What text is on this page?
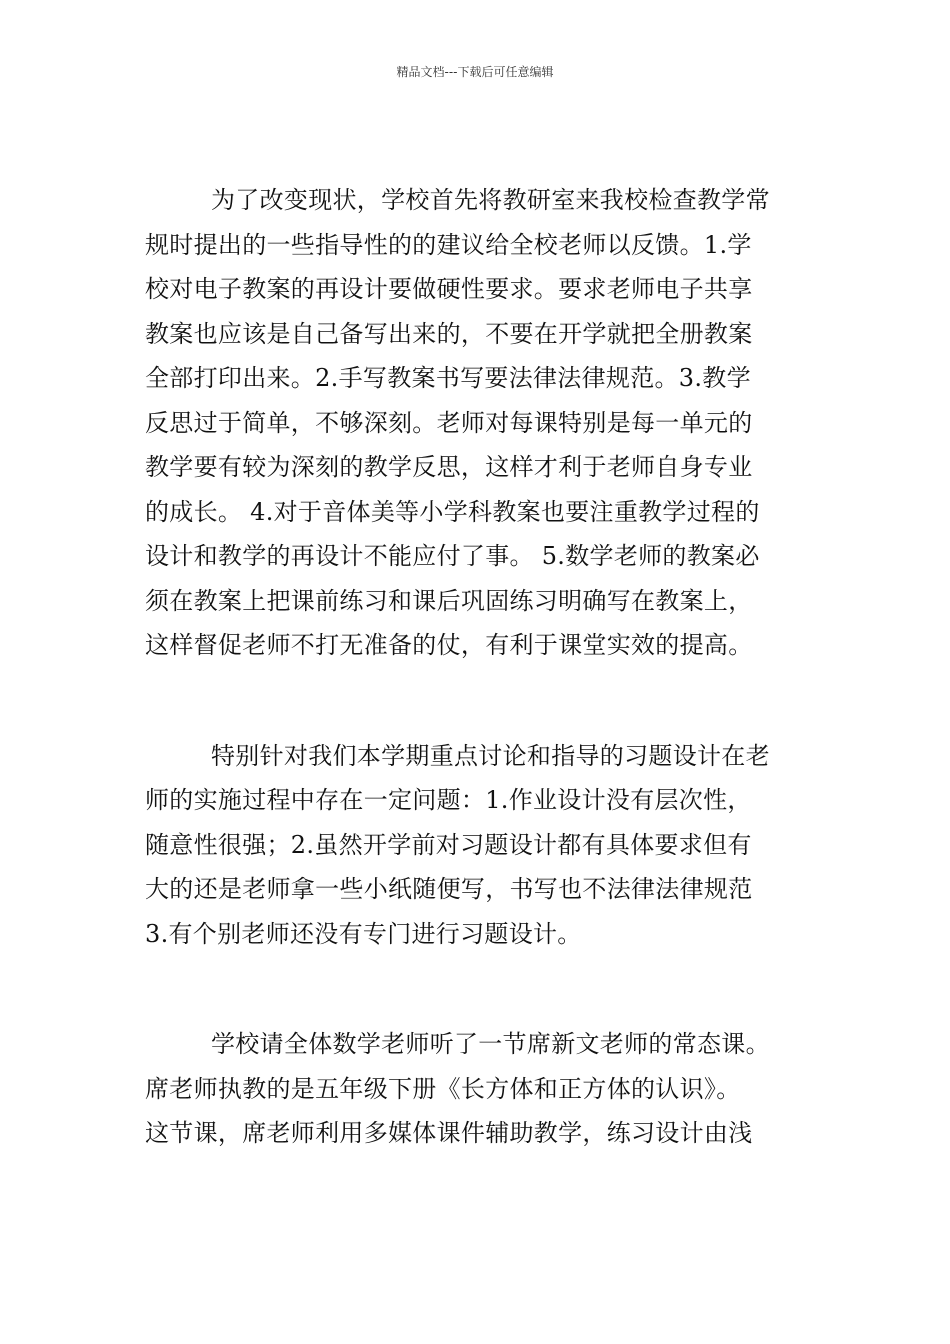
精品文档---下载后可任意编辑

为了改变现状，学校首先将教研室来我校检查教学常
规时提出的一些指导性的的建议给全校老师以反馈。1.学
校对电子教案的再设计要做硬性要求。要求老师电子共享
教案也应该是自己备写出来的，不要在开学就把全册教案
全部打印出来。2.手写教案书写要法律法律规范。3.教学
反思过于简单，不够深刻。老师对每课特别是每一单元的
教学要有较为深刻的教学反思，这样才利于老师自身专业
的成长。 4.对于音体美等小学科教案也要注重教学过程的
设计和教学的再设计不能应付了事。 5.数学老师的教案必
须在教案上把课前练习和课后巩固练习明确写在教案上，
这样督促老师不打无准备的仗，有利于课堂实效的提高。

特别针对我们本学期重点讨论和指导的习题设计在老
师的实施过程中存在一定问题：1.作业设计没有层次性，
随意性很强；2.虽然开学前对习题设计都有具体要求但有
大的还是老师拿一些小纸随便写，书写也不法律法律规范
3.有个别老师还没有专门进行习题设计。

学校请全体数学老师听了一节席新文老师的常态课。
席老师执教的是五年级下册《长方体和正方体的认识》。
这节课，席老师利用多媒体课件辅助教学，练习设计由浅
